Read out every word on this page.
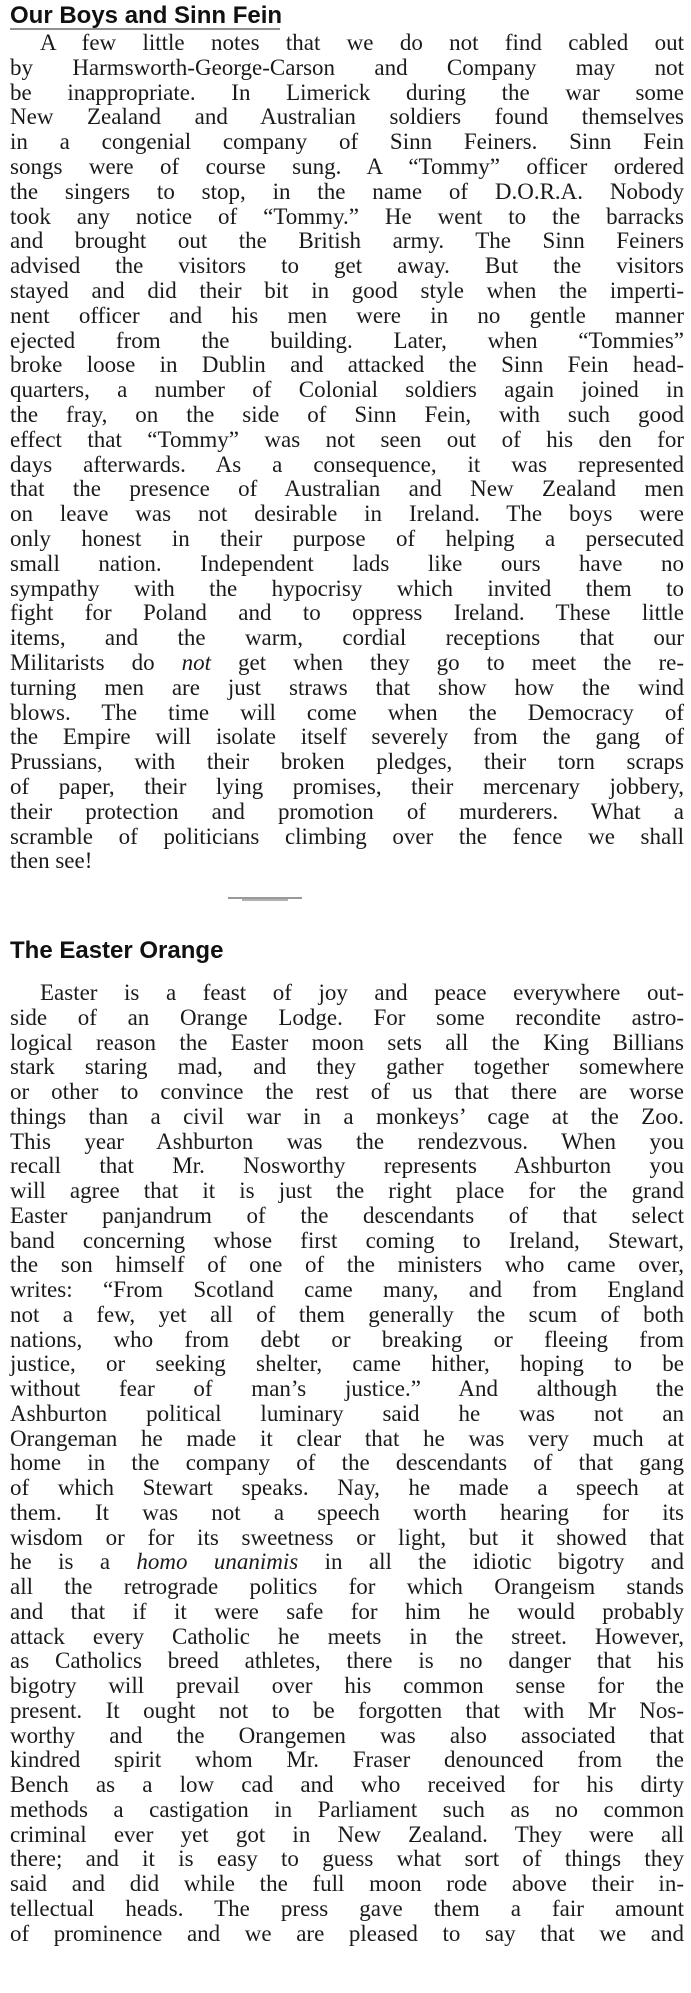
Our Boys and Sinn Fein
A few little notes that we do not find cabled out
by Harmsworth-George-Carson and Company may not
be inappropriate. In Limerick during the war some
New Zealand and Australian soldiers found themselves
in a congenial company of Sinn Feiners. Sinn Fein
songs were of course sung. A “Tommy” officer ordered
the singers to stop, in the name of D.O.R.A. Nobody
took any notice of “Tommy.” He went to the barracks
and brought out the British army. The Sinn Feiners
advised the visitors to get away. But the visitors
stayed and did their bit in good style when the imperti-
nent officer and his men were in no gentle manner
ejected from the building. Later, when “Tommies”
broke loose in Dublin and attacked the Sinn Fein head-
quarters, a number of Colonial soldiers again joined in
the fray, on the side of Sinn Fein, with such good
effect that “Tommy” was not seen out of his den for
days afterwards. As a consequence, it was represented
that the presence of Australian and New Zealand men
on leave was not desirable in Ireland. The boys were
only honest in their purpose of helping a persecuted
small nation. Independent lads like ours have no
sympathy with the hypocrisy which invited them to
fight for Poland and to oppress Ireland. These little
items, and the warm, cordial receptions that our
Militarists do not get when they go to meet the re-
turning men are just straws that show how the wind
blows. The time will come when the Democracy of
the Empire will isolate itself severely from the gang of
Prussians, with their broken pledges, their torn scraps
of paper, their lying promises, their mercenary jobbery,
their protection and promotion of murderers. What a
scramble of politicians climbing over the fence we shall
then see!
The Easter Orange
Easter is a feast of joy and peace everywhere out-
side of an Orange Lodge. For some recondite astro-
logical reason the Easter moon sets all the King Billians
stark staring mad, and they gather together somewhere
or other to convince the rest of us that there are worse
things than a civil war in a monkeys’ cage at the Zoo.
This year Ashburton was the rendezvous. When you
recall that Mr. Nosworthy represents Ashburton you
will agree that it is just the right place for the grand
Easter panjandrum of the descendants of that select
band concerning whose first coming to Ireland, Stewart,
the son himself of one of the ministers who came over,
writes: “From Scotland came many, and from England
not a few, yet all of them generally the scum of both
nations, who from debt or breaking or fleeing from
justice, or seeking shelter, came hither, hoping to be
without fear of man’s justice.” And although the
Ashburton political luminary said he was not an
Orangeman he made it clear that he was very much at
home in the company of the descendants of that gang
of which Stewart speaks. Nay, he made a speech at
them. It was not a speech worth hearing for its
wisdom or for its sweetness or light, but it showed that
he is a homo unanimis in all the idiotic bigotry and
all the retrograde politics for which Orangeism stands
and that if it were safe for him he would probably
attack every Catholic he meets in the street. However,
as Catholics breed athletes, there is no danger that his
bigotry will prevail over his common sense for the
present. It ought not to be forgotten that with Mr Nos-
worthy and the Orangemen was also associated that
kindred spirit whom Mr. Fraser denounced from the
Bench as a low cad and who received for his dirty
methods a castigation in Parliament such as no common
criminal ever yet got in New Zealand. They were all
there; and it is easy to guess what sort of things they
said and did while the full moon rode above their in-
tellectual heads. The press gave them a fair amount
of prominence and we are pleased to say that we and
